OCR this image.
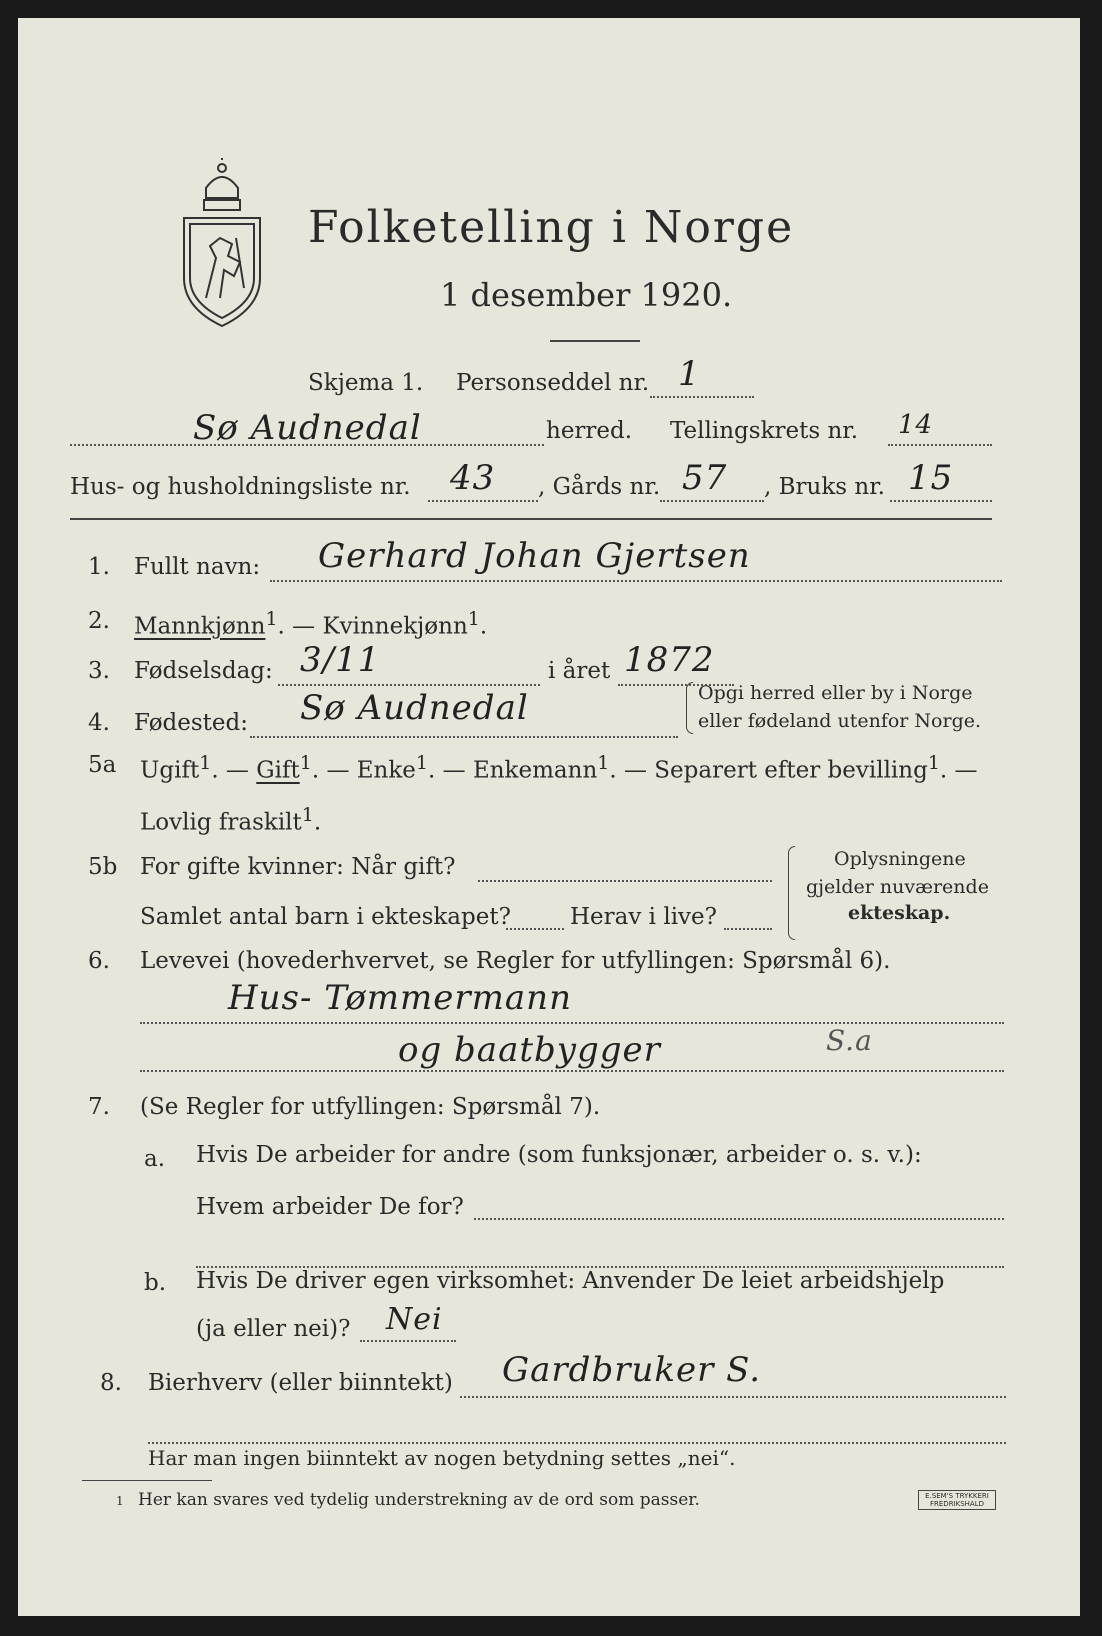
Folketelling i Norge
1 desember 1920.
Skjema 1. Personseddel nr. 1
Sø Audnedal	herred. Tellingskrets nr. 14
Hus- og husholdningsliste nr. 43 , Gårds nr. 57 , Bruks nr. 15
1. Fullt navn: Gerhard Johan Gjertsen
2. Mannkjønn$^1$. — Kvinnekjønn$^1$.
3. Fødselsdag: 3/11	i året 1872
4. Fødested: Sø Audnedal	Opgi herred eller by i Norge
eller fødeland utenfor Norge.
5a Ugift$^1$. — Gift$^1$. — Enke$^1$. — Enkemann$^1$. — Separert efter bevilling$^1$. —
Lovlig fraskilt$^1$.
5b For gifte kvinner: Når gift?
Samlet antal barn i ekteskapet?	Herav i live?
Oplysningene
gjelder nuværende
ekteskap.
6. Levevei (hovederhvervet, se Regler for utfyllingen: Spørsmål 6).
Hus- Tømmermann
og baatbygger	S.a
7. (Se Regler for utfyllingen: Spørsmål 7).
a. Hvis De arbeider for andre (som funksjonær, arbeider o. s. v.):
Hvem arbeider De for?
b. Hvis De driver egen virksomhet: Anvender De leiet arbeidshjelp
(ja eller nei)? Nei
8. Bierhverv (eller biinntekt) Gardbruker S.
Har man ingen biinntekt av nogen betydning settes „nei“.
1 Her kan svares ved tydelig understrekning av de ord som passer.	E.SEM'S TRYKKERI
FREDRIKSHALD
